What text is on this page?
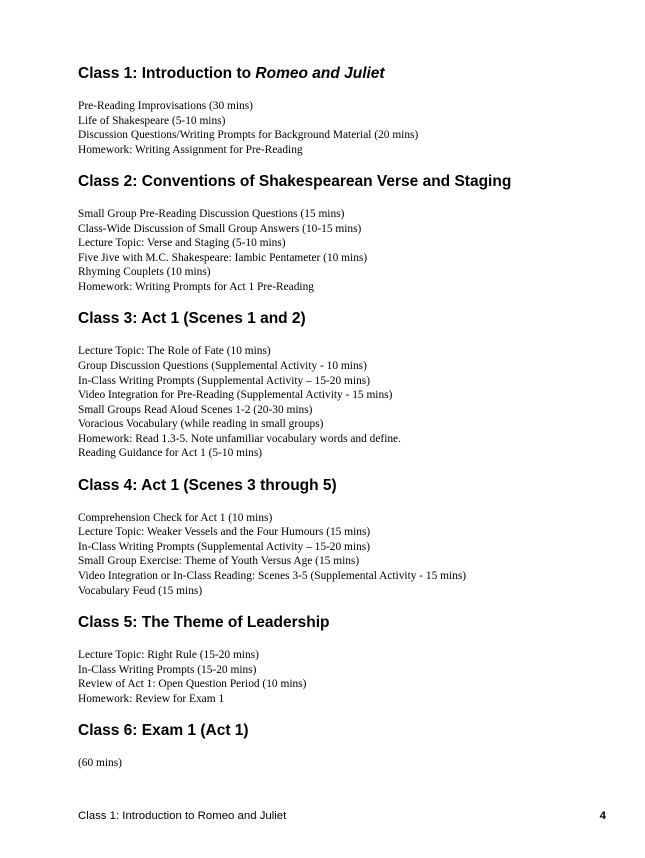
Class 1: Introduction to Romeo and Juliet
Pre-Reading Improvisations (30 mins)
Life of Shakespeare (5-10 mins)
Discussion Questions/Writing Prompts for Background Material (20 mins)
Homework: Writing Assignment for Pre-Reading
Class 2: Conventions of Shakespearean Verse and Staging
Small Group Pre-Reading Discussion Questions (15 mins)
Class-Wide Discussion of Small Group Answers (10-15 mins)
Lecture Topic: Verse and Staging (5-10 mins)
Five Jive with M.C. Shakespeare: Iambic Pentameter (10 mins)
Rhyming Couplets (10 mins)
Homework: Writing Prompts for Act 1 Pre-Reading
Class 3: Act 1 (Scenes 1 and 2)
Lecture Topic: The Role of Fate (10 mins)
Group Discussion Questions (Supplemental Activity - 10 mins)
In-Class Writing Prompts (Supplemental Activity – 15-20 mins)
Video Integration for Pre-Reading (Supplemental Activity - 15 mins)
Small Groups Read Aloud Scenes 1-2 (20-30 mins)
Voracious Vocabulary (while reading in small groups)
Homework: Read 1.3-5. Note unfamiliar vocabulary words and define.
Reading Guidance for Act 1 (5-10 mins)
Class 4: Act 1 (Scenes 3 through 5)
Comprehension Check for Act 1 (10 mins)
Lecture Topic: Weaker Vessels and the Four Humours (15 mins)
In-Class Writing Prompts (Supplemental Activity – 15-20 mins)
Small Group Exercise: Theme of Youth Versus Age (15 mins)
Video Integration or In-Class Reading: Scenes 3-5 (Supplemental Activity - 15 mins)
Vocabulary Feud (15 mins)
Class 5: The Theme of Leadership
Lecture Topic: Right Rule (15-20 mins)
In-Class Writing Prompts (15-20 mins)
Review of Act 1: Open Question Period (10 mins)
Homework: Review for Exam 1
Class 6: Exam 1 (Act 1)
(60 mins)
Class 1: Introduction to Romeo and Juliet	4
